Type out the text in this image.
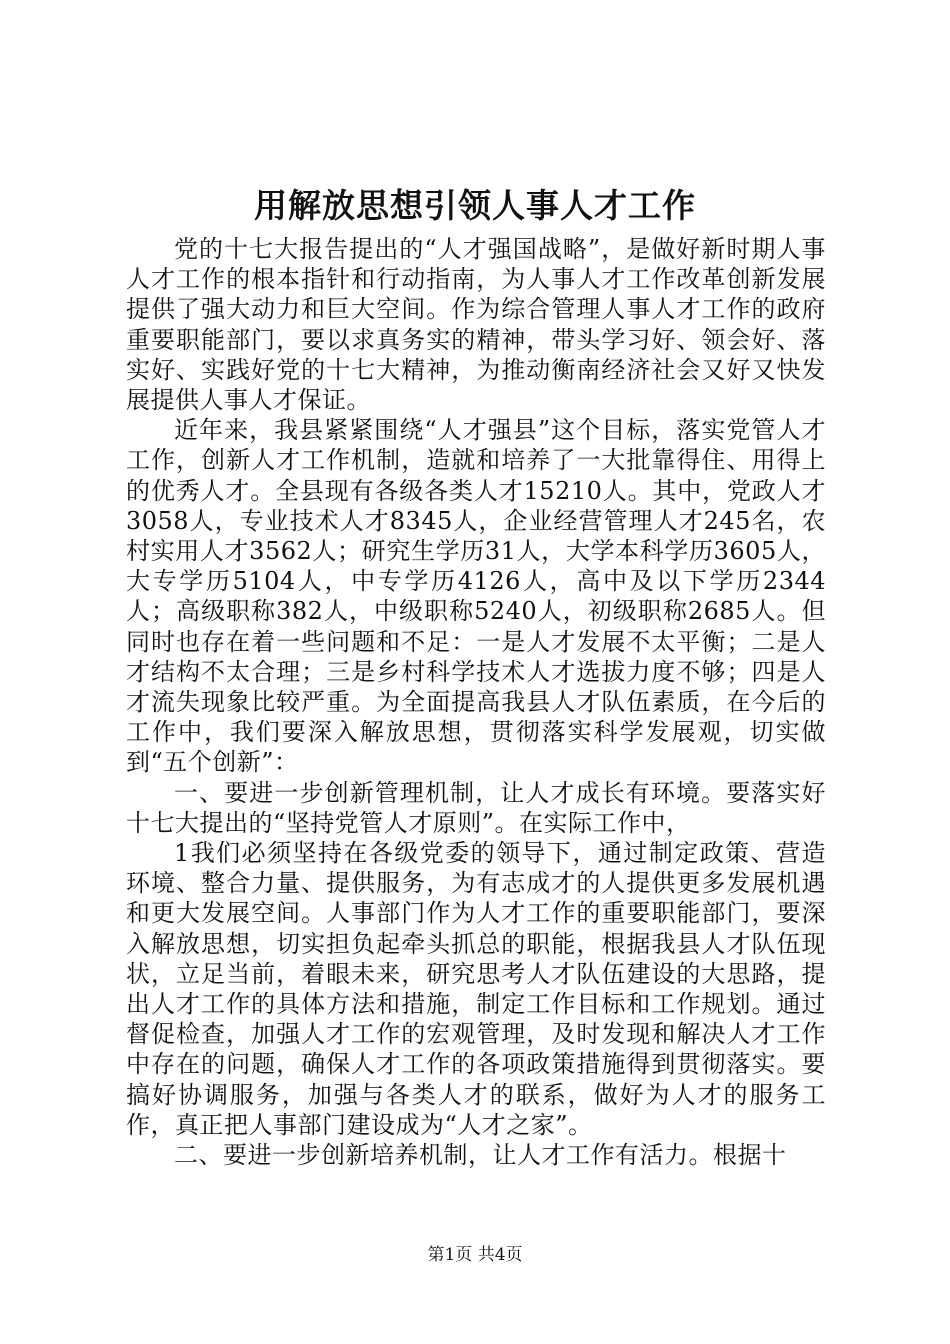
用解放思想引领人事人才工作

党的十七大报告提出的“人才强国战略”，是做好新时期人事人才工作的根本指针和行动指南，为人事人才工作改革创新发展提供了强大动力和巨大空间。作为综合管理人事人才工作的政府重要职能部门，要以求真务实的精神，带头学习好、领会好、落实好、实践好党的十七大精神，为推动衡南经济社会又好又快发展提供人事人才保证。

近年来，我县紧紧围绕“人才强县”这个目标，落实党管人才工作，创新人才工作机制，造就和培养了一大批靠得住、用得上的优秀人才。全县现有各级各类人才15210人。其中，党政人才3058人，专业技术人才8345人，企业经营管理人才245名，农村实用人才3562人；研究生学历31人，大学本科学历3605人，大专学历5104人，中专学历4126人，高中及以下学历2344人；高级职称382人，中级职称5240人，初级职称2685人。但同时也存在着一些问题和不足：一是人才发展不太平衡；二是人才结构不太合理；三是乡村科学技术人才选拔力度不够；四是人才流失现象比较严重。为全面提高我县人才队伍素质，在今后的工作中，我们要深入解放思想，贯彻落实科学发展观，切实做到“五个创新”：

一、要进一步创新管理机制，让人才成长有环境。要落实好十七大提出的“坚持党管人才原则”。在实际工作中，

1我们必须坚持在各级党委的领导下，通过制定政策、营造环境、整合力量、提供服务，为有志成才的人提供更多发展机遇和更大发展空间。人事部门作为人才工作的重要职能部门，要深入解放思想，切实担负起牵头抓总的职能，根据我县人才队伍现状，立足当前，着眼未来，研究思考人才队伍建设的大思路，提出人才工作的具体方法和措施，制定工作目标和工作规划。通过督促检查，加强人才工作的宏观管理，及时发现和解决人才工作中存在的问题，确保人才工作的各项政策措施得到贯彻落实。要搞好协调服务，加强与各类人才的联系，做好为人才的服务工作，真正把人事部门建设成为“人才之家”。

二、要进一步创新培养机制，让人才工作有活力。根据十

第1页 共4页
